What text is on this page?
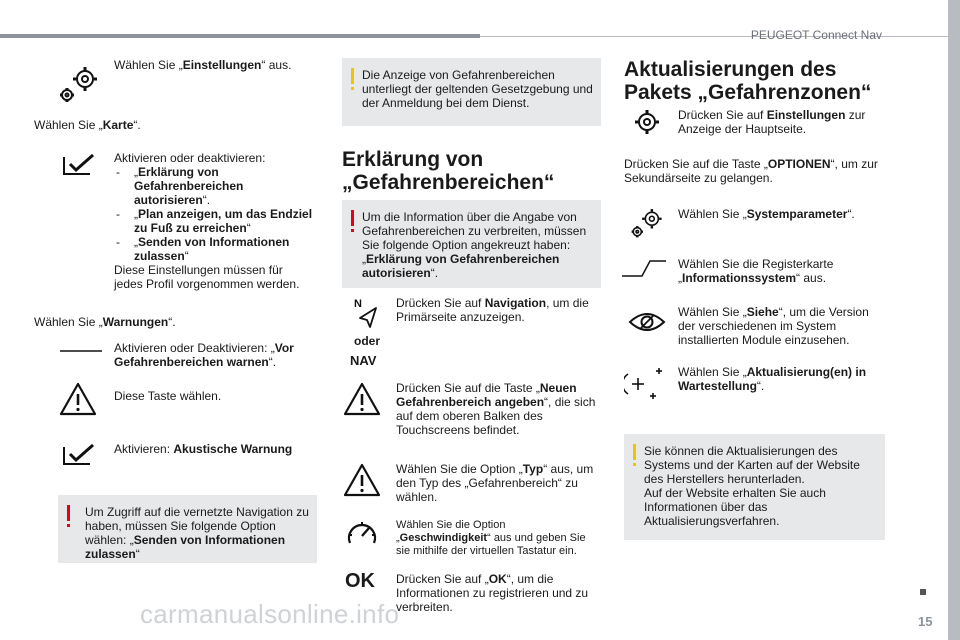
PEUGEOT Connect Nav
15
carmanualsonline.info
Wählen Sie „Einstellungen“ aus.
Wählen Sie „Karte“.
Aktivieren oder deaktivieren:
- „Erklärung von Gefahrenbereichen autorisieren“.
- „Plan anzeigen, um das Endziel zu Fuß zu erreichen“
- „Senden von Informationen zulassen“
Diese Einstellungen müssen für jedes Profil vorgenommen werden.
Wählen Sie „Warnungen“.
Aktivieren oder Deaktivieren: „Vor Gefahrenbereichen warnen“.
Diese Taste wählen.
Aktivieren: Akustische Warnung
Um Zugriff auf die vernetzte Navigation zu haben, müssen Sie folgende Option wählen: „Senden von Informationen zulassen“
Die Anzeige von Gefahrenbereichen unterliegt der geltenden Gesetzgebung und der Anmeldung bei dem Dienst.
Erklärung von
„Gefahrenbereichen“
Um die Information über die Angabe von Gefahrenbereichen zu verbreiten, müssen Sie folgende Option angekreuzt haben: „Erklärung von Gefahrenbereichen autorisieren“.
N
oder
NAV
Drücken Sie auf Navigation, um die Primärseite anzuzeigen.
Drücken Sie auf die Taste „Neuen Gefahrenbereich angeben“, die sich auf dem oberen Balken des Touchscreens befindet.
Wählen Sie die Option „Typ“ aus, um den Typ des „Gefahrenbereich“ zu wählen.
Wählen Sie die Option „Geschwindigkeit“ aus und geben Sie sie mithilfe der virtuellen Tastatur ein.
OK Drücken Sie auf „OK“, um die Informationen zu registrieren und zu verbreiten.
Aktualisierungen des
Pakets „Gefahrenzonen“
Drücken Sie auf Einstellungen zur Anzeige der Hauptseite.
Drücken Sie auf die Taste „OPTIONEN“, um zur Sekundärseite zu gelangen.
Wählen Sie „Systemparameter“.
Wählen Sie die Registerkarte „Informationssystem“ aus.
Wählen Sie „Siehe“, um die Version der verschiedenen im System installierten Module einzusehen.
Wählen Sie „Aktualisierung(en) in Wartestellung“.
Sie können die Aktualisierungen des Systems und der Karten auf der Website des Herstellers herunterladen.
Auf der Website erhalten Sie auch Informationen über das Aktualisierungsverfahren.
